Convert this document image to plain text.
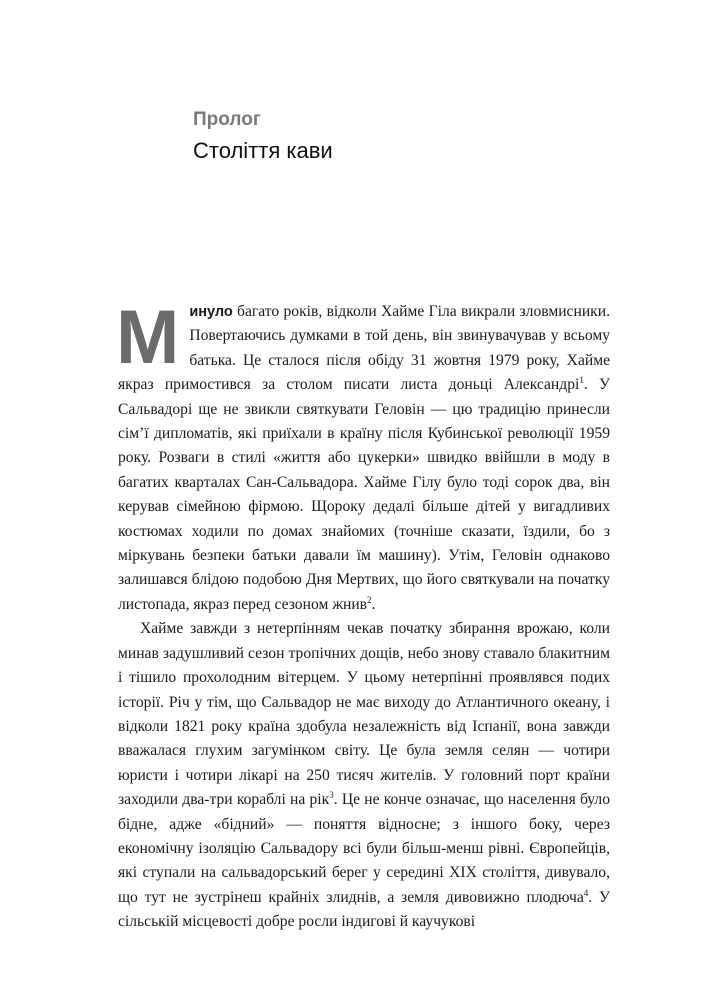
Пролог

Століття кави

Минуло багато років, відколи Хайме Гіла викрали зловмисники. Повертаючись думками в той день, він звинувачував у всьому батька. Це сталося після обіду 31 жовтня 1979 року, Хайме якраз примостився за столом писати листа доньці Александрі$^1$. У Сальвадорі ще не звикли святкувати Геловін — цю традицію принесли сім’ї дипломатів, які приїхали в країну після Кубинської революції 1959 року. Розваги в стилі «життя або цукерки» швидко ввійшли в моду в багатих кварталах Сан-Сальвадора. Хайме Гілу було тоді сорок два, він керував сімейною фірмою. Щороку дедалі більше дітей у вигадливих костюмах ходили по домах знайомих (точніше сказати, їздили, бо з міркувань безпеки батьки давали їм машину). Утім, Геловін однаково залишався блідою подобою Дня Мертвих, що його святкували на початку листопада, якраз перед сезоном жнив$^2$.

Хайме завжди з нетерпінням чекав початку збирання врожаю, коли минав задушливий сезон тропічних дощів, небо знову ставало блакитним і тішило прохолодним вітерцем. У цьому нетерпінні проявлявся подих історії. Річ у тім, що Сальвадор не має виходу до Атлантичного океану, і відколи 1821 року країна здобула незалежність від Іспанії, вона завжди вважалася глухим загумінком світу. Це була земля селян — чотири юристи і чотири лікарі на 250 тисяч жителів. У головний порт країни заходили два-три кораблі на рік$^3$. Це не конче означає, що населення було бідне, адже «бідний» — поняття відносне; з іншого боку, через економічну ізоляцію Сальвадору всі були більш-менш рівні. Європейців, які ступали на сальвадорський берег у середині XIX століття, дивувало, що тут не зустрінеш крайніх злиднів, а земля дивовижно плодюча$^4$. У сільській місцевості добре росли індигові й каучукові
